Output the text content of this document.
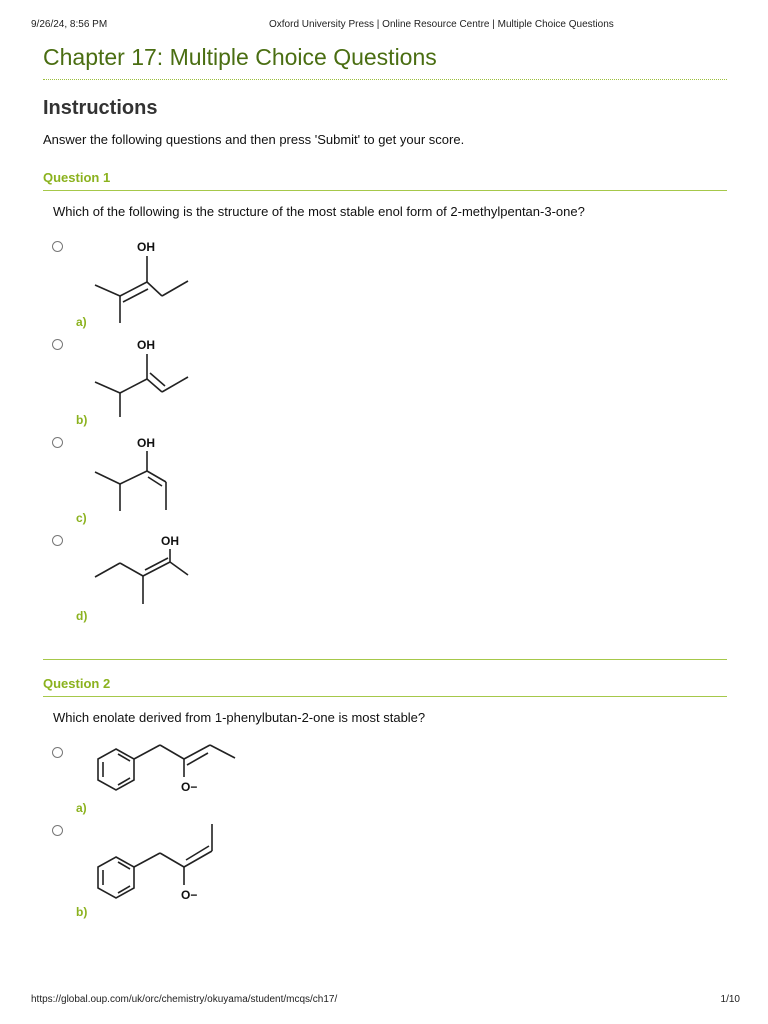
9/26/24, 8:56 PM	Oxford University Press | Online Resource Centre | Multiple Choice Questions
Chapter 17: Multiple Choice Questions
Instructions

Answer the following questions and then press 'Submit' to get your score.

Question 1

Which of the following is the structure of the most stable enol form of 2-methylpentan-3-one?

OH
a)
OH
b)
OH
c)
OH
d)

Question 2

Which enolate derived from 1-phenylbutan-2-one is most stable?

O−
a)
O−
b)
https://global.oup.com/uk/orc/chemistry/okuyama/student/mcqs/ch17/	1/10
